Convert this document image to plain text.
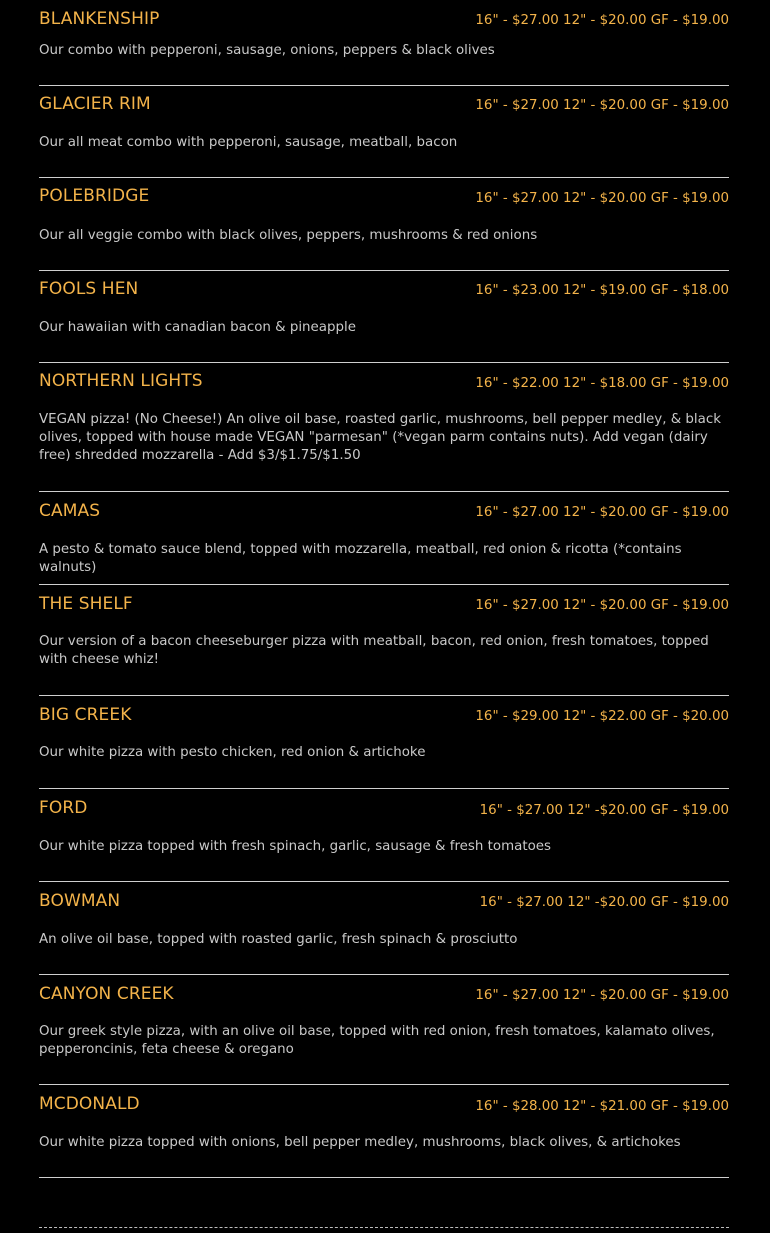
BLANKENSHIP	16" - $27.00 12" - $20.00 GF - $19.00
Our combo with pepperoni, sausage, onions, peppers & black olives
GLACIER RIM	16" - $27.00 12" - $20.00 GF - $19.00
Our all meat combo with pepperoni, sausage, meatball, bacon
POLEBRIDGE	16" - $27.00 12" - $20.00 GF - $19.00
Our all veggie combo with black olives, peppers, mushrooms & red onions
FOOLS HEN	16" - $23.00 12" - $19.00 GF - $18.00
Our hawaiian with canadian bacon & pineapple
NORTHERN LIGHTS	16" - $22.00 12" - $18.00 GF - $19.00
VEGAN pizza! (No Cheese!) An olive oil base, roasted garlic, mushrooms, bell pepper medley, & black olives, topped with house made VEGAN "parmesan" (*vegan parm contains nuts). Add vegan (dairy free) shredded mozzarella - Add $3/$1.75/$1.50
CAMAS	16" - $27.00 12" - $20.00 GF - $19.00
A pesto & tomato sauce blend, topped with mozzarella, meatball, red onion & ricotta (*contains walnuts)
THE SHELF	16" - $27.00 12" - $20.00 GF - $19.00
Our version of a bacon cheeseburger pizza with meatball, bacon, red onion, fresh tomatoes, topped with cheese whiz!
BIG CREEK	16" - $29.00 12" - $22.00 GF - $20.00
Our white pizza with pesto chicken, red onion & artichoke
FORD	16" - $27.00 12" -$20.00 GF - $19.00
Our white pizza topped with fresh spinach, garlic, sausage & fresh tomatoes
BOWMAN	16" - $27.00 12" -$20.00 GF - $19.00
An olive oil base, topped with roasted garlic, fresh spinach & prosciutto
CANYON CREEK	16" - $27.00 12" - $20.00 GF - $19.00
Our greek style pizza, with an olive oil base, topped with red onion, fresh tomatoes, kalamato olives, pepperoncinis, feta cheese & oregano
MCDONALD	16" - $28.00 12" - $21.00 GF - $19.00
Our white pizza topped with onions, bell pepper medley, mushrooms, black olives, & artichokes
